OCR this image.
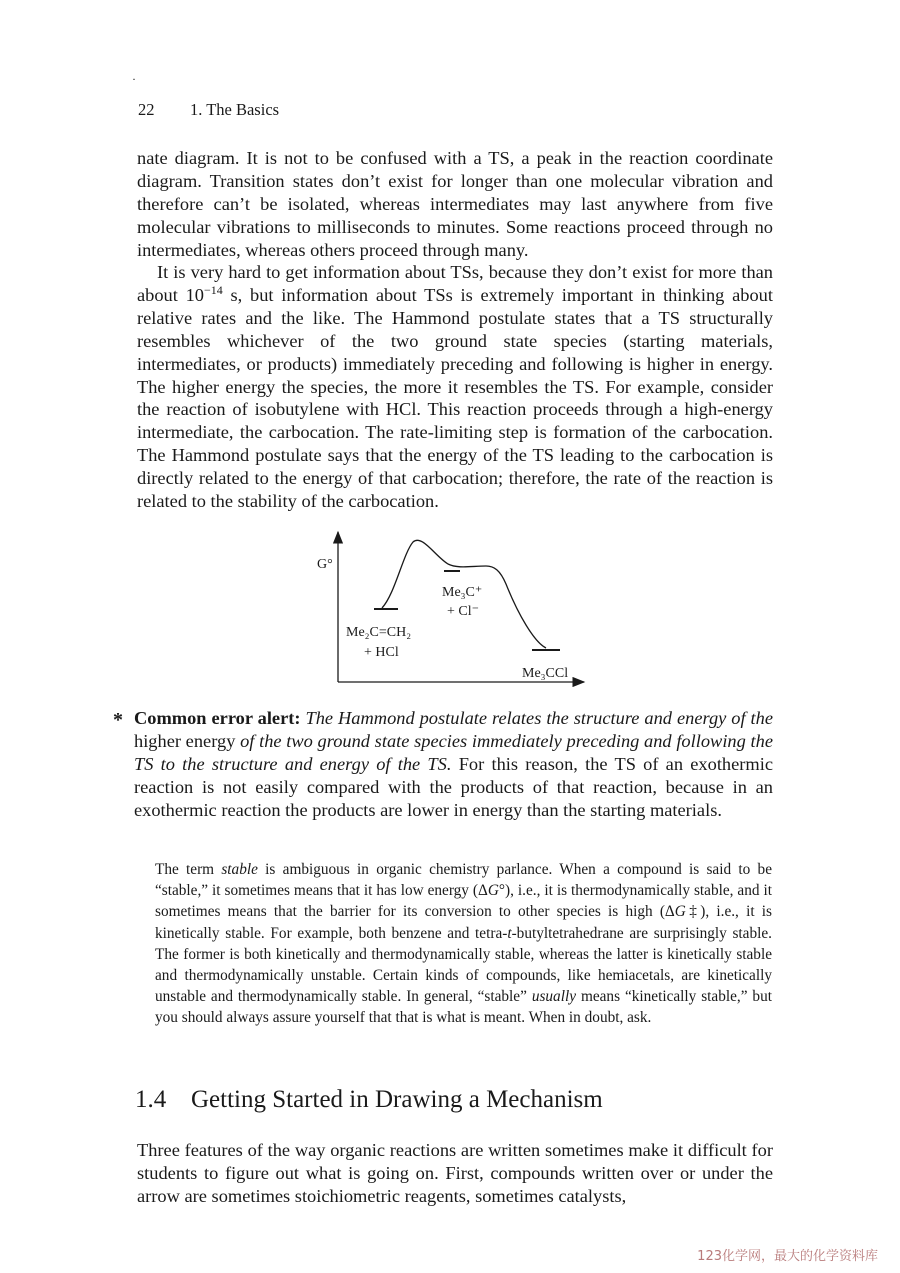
·
22 1. The Basics

nate diagram. It is not to be confused with a TS, a peak in the reaction coordinate diagram. Transition states don’t exist for longer than one molecular vibration and therefore can’t be isolated, whereas intermediates may last anywhere from five molecular vibrations to milliseconds to minutes. Some reactions proceed through no intermediates, whereas others proceed through many.

It is very hard to get information about TSs, because they don’t exist for more than about $10^{-14}$ s, but information about TSs is extremely important in thinking about relative rates and the like. The Hammond postulate states that a TS structurally resembles whichever of the two ground state species (starting materials, intermediates, or products) immediately preceding and following is higher in energy. The higher energy the species, the more it resembles the TS. For example, consider the reaction of isobutylene with HCl. This reaction proceeds through a high-energy intermediate, the carbocation. The rate-limiting step is formation of the carbocation. The Hammond postulate says that the energy of the TS leading to the carbocation is directly related to the energy of that carbocation; therefore, the rate of the reaction is related to the stability of the carbocation.

G°
Me₂C=CH₂
+ HCl
Me₃C⁺
+ Cl⁻
Me₃CCl
* Common error alert: The Hammond postulate relates the structure and energy of the higher energy of the two ground state species immediately preceding and following the TS to the structure and energy of the TS. For this reason, the TS of an exothermic reaction is not easily compared with the products of that reaction, because in an exothermic reaction the products are lower in energy than the starting materials.

The term stable is ambiguous in organic chemistry parlance. When a compound is said to be “stable,” it sometimes means that it has low energy (ΔG°), i.e., it is thermodynamically stable, and it sometimes means that the barrier for its conversion to other species is high (ΔG‡), i.e., it is kinetically stable. For example, both benzene and tetra-t-butyltetrahedrane are surprisingly stable. The former is both kinetically and thermodynamically stable, whereas the latter is kinetically stable and thermodynamically unstable. Certain kinds of compounds, like hemiacetals, are kinetically unstable and thermodynamically stable. In general, “stable” usually means “kinetically stable,” but you should always assure yourself that that is what is meant. When in doubt, ask.

1.4 Getting Started in Drawing a Mechanism

Three features of the way organic reactions are written sometimes make it difficult for students to figure out what is going on. First, compounds written over or under the arrow are sometimes stoichiometric reagents, sometimes catalysts,

123化学网，最大的化学资料库
